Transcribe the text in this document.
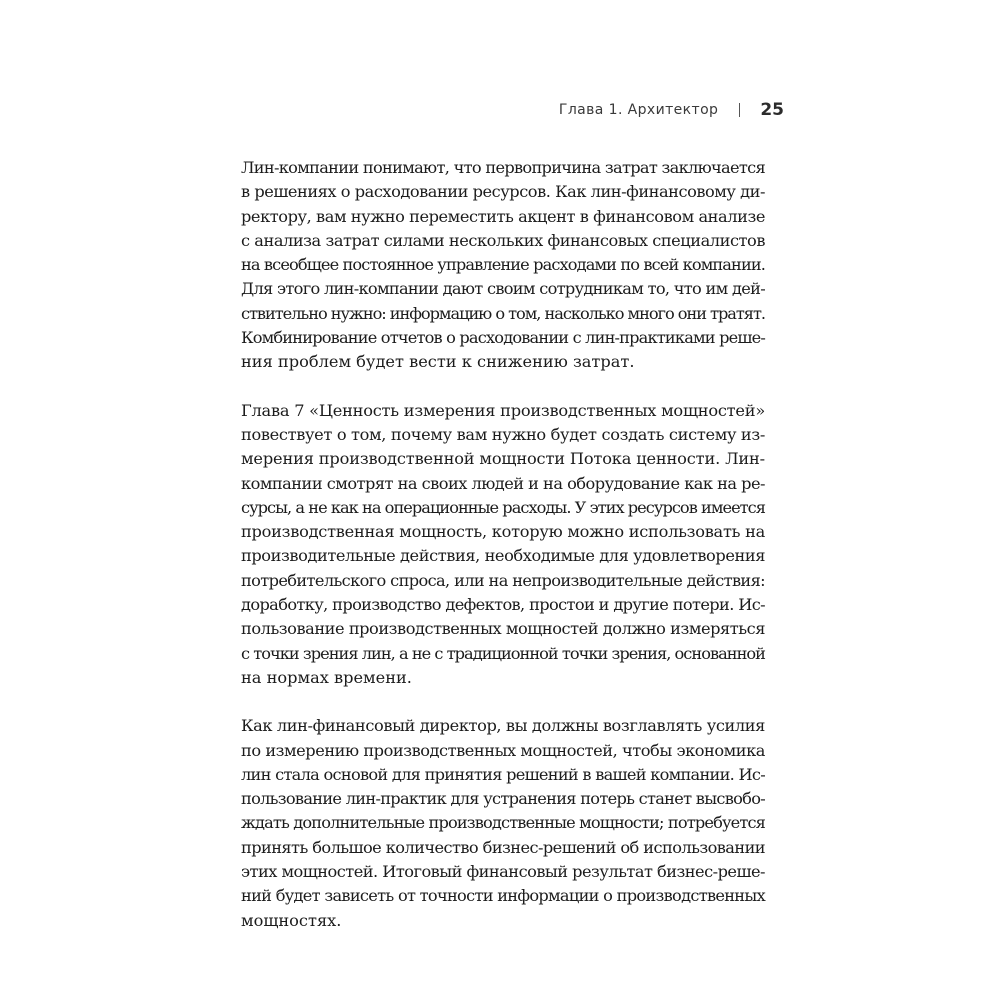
Глава 1. Архитектор 25
Лин-компании понимают, что первопричина затрат заключается
в решениях о расходовании ресурсов. Как лин-финансовому ди-
ректору, вам нужно переместить акцент в финансовом анализе
с анализа затрат силами нескольких финансовых специалистов
на всеобщее постоянное управление расходами по всей компании.
Для этого лин-компании дают своим сотрудникам то, что им дей-
ствительно нужно: информацию о том, насколько много они тратят.
Комбинирование отчетов о расходовании с лин-практиками реше-
ния проблем будет вести к снижению затрат.
Глава 7 «Ценность измерения производственных мощностей»
повествует о том, почему вам нужно будет создать систему из-
мерения производственной мощности Потока ценности. Лин-
компании смотрят на своих людей и на оборудование как на ре-
сурсы, а не как на операционные расходы. У этих ресурсов имеется
производственная мощность, которую можно использовать на
производительные действия, необходимые для удовлетворения
потребительского спроса, или на непроизводительные действия:
доработку, производство дефектов, простои и другие потери. Ис-
пользование производственных мощностей должно измеряться
с точки зрения лин, а не с традиционной точки зрения, основанной
на нормах времени.
Как лин-финансовый директор, вы должны возглавлять усилия
по измерению производственных мощностей, чтобы экономика
лин стала основой для принятия решений в вашей компании. Ис-
пользование лин-практик для устранения потерь станет высвобо-
ждать дополнительные производственные мощности; потребуется
принять большое количество бизнес-решений об использовании
этих мощностей. Итоговый финансовый результат бизнес-реше-
ний будет зависеть от точности информации о производственных
мощностях.
